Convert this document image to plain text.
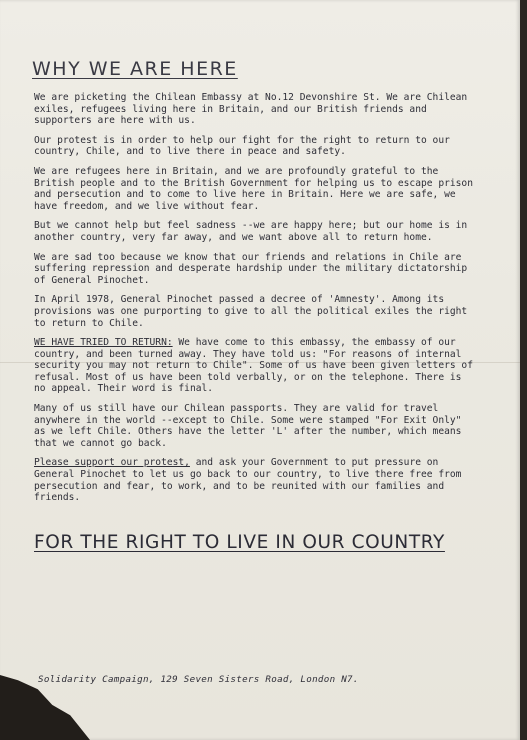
WHY WE ARE HERE

We are picketing the Chilean Embassy at No.12 Devonshire St. We are Chilean exiles, refugees living here in Britain, and our British friends and supporters are here with us.

Our protest is in order to help our fight for the right to return to our country, Chile, and to live there in peace and safety.

We are refugees here in Britain, and we are profoundly grateful to the British people and to the British Government for helping us to escape prison and persecution and to come to live here in Britain. Here we are safe, we have freedom, and we live without fear.

But we cannot help but feel sadness --we are happy here; but our home is in another country, very far away, and we want above all to return home.

We are sad too because we know that our friends and relations in Chile are suffering repression and desperate hardship under the military dictatorship of General Pinochet.

In April 1978, General Pinochet passed a decree of 'Amnesty'. Among its provisions was one purporting to give to all the political exiles the right to return to Chile.

WE HAVE TRIED TO RETURN: We have come to this embassy, the embassy of our country, and been turned away. They have told us: "For reasons of internal security you may not return to Chile". Some of us have been given letters of refusal. Most of us have been told verbally, or on the telephone. There is no appeal. Their word is final.

Many of us still have our Chilean passports. They are valid for travel anywhere in the world --except to Chile. Some were stamped "For Exit Only" as we left Chile. Others have the letter 'L' after the number, which means that we cannot go back.

Please support our protest, and ask your Government to put pressure on General Pinochet to let us go back to our country, to live there free from persecution and fear, to work, and to be reunited with our families and friends.

FOR THE RIGHT TO LIVE IN OUR COUNTRY
Solidarity Campaign, 129 Seven Sisters Road, London N7.
